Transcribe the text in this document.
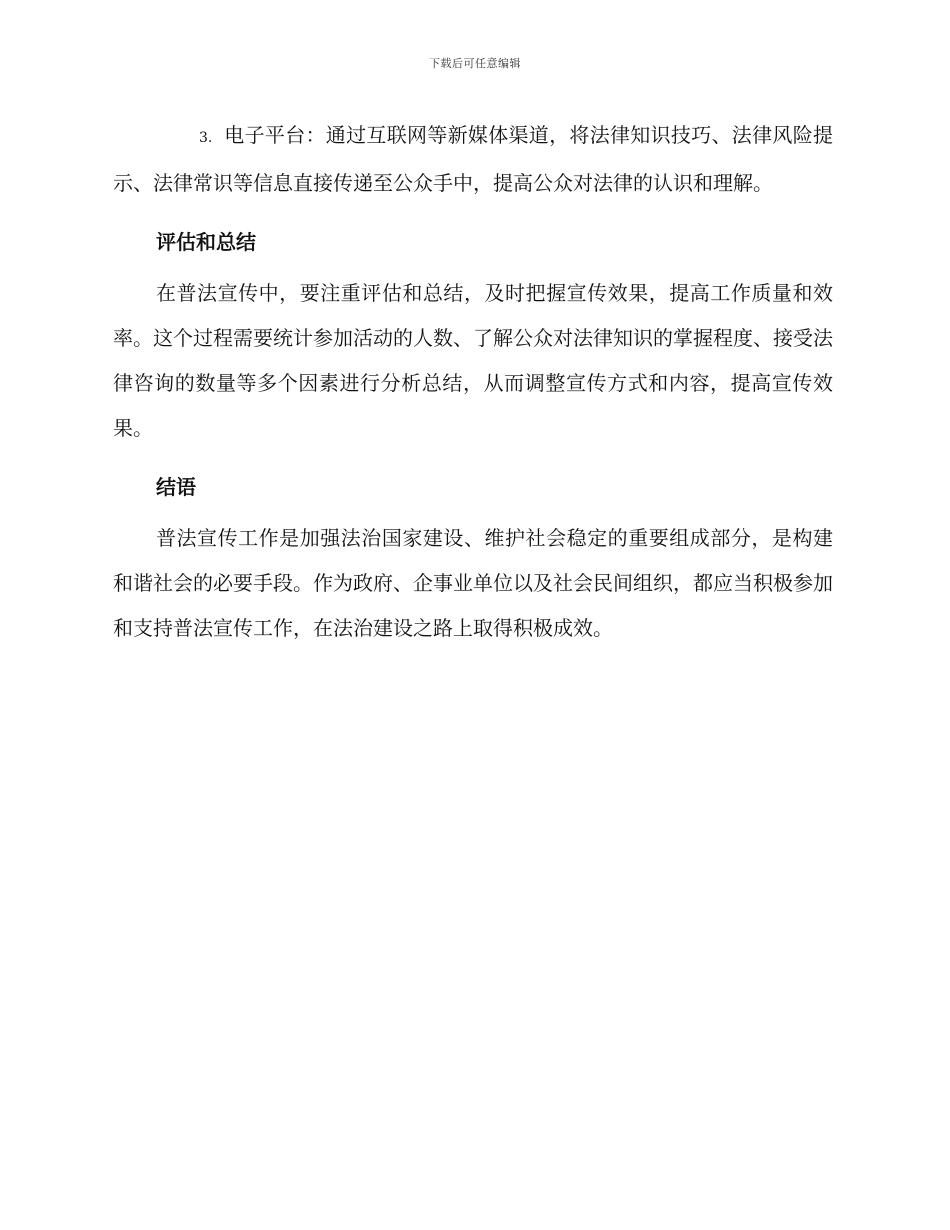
下载后可任意编辑

3. 电子平台：通过互联网等新媒体渠道，将法律知识技巧、法律风险提示、法律常识等信息直接传递至公众手中，提高公众对法律的认识和理解。

评估和总结

在普法宣传中，要注重评估和总结，及时把握宣传效果，提高工作质量和效率。这个过程需要统计参加活动的人数、了解公众对法律知识的掌握程度、接受法律咨询的数量等多个因素进行分析总结，从而调整宣传方式和内容，提高宣传效果。

结语

普法宣传工作是加强法治国家建设、维护社会稳定的重要组成部分，是构建和谐社会的必要手段。作为政府、企事业单位以及社会民间组织，都应当积极参加和支持普法宣传工作，在法治建设之路上取得积极成效。
